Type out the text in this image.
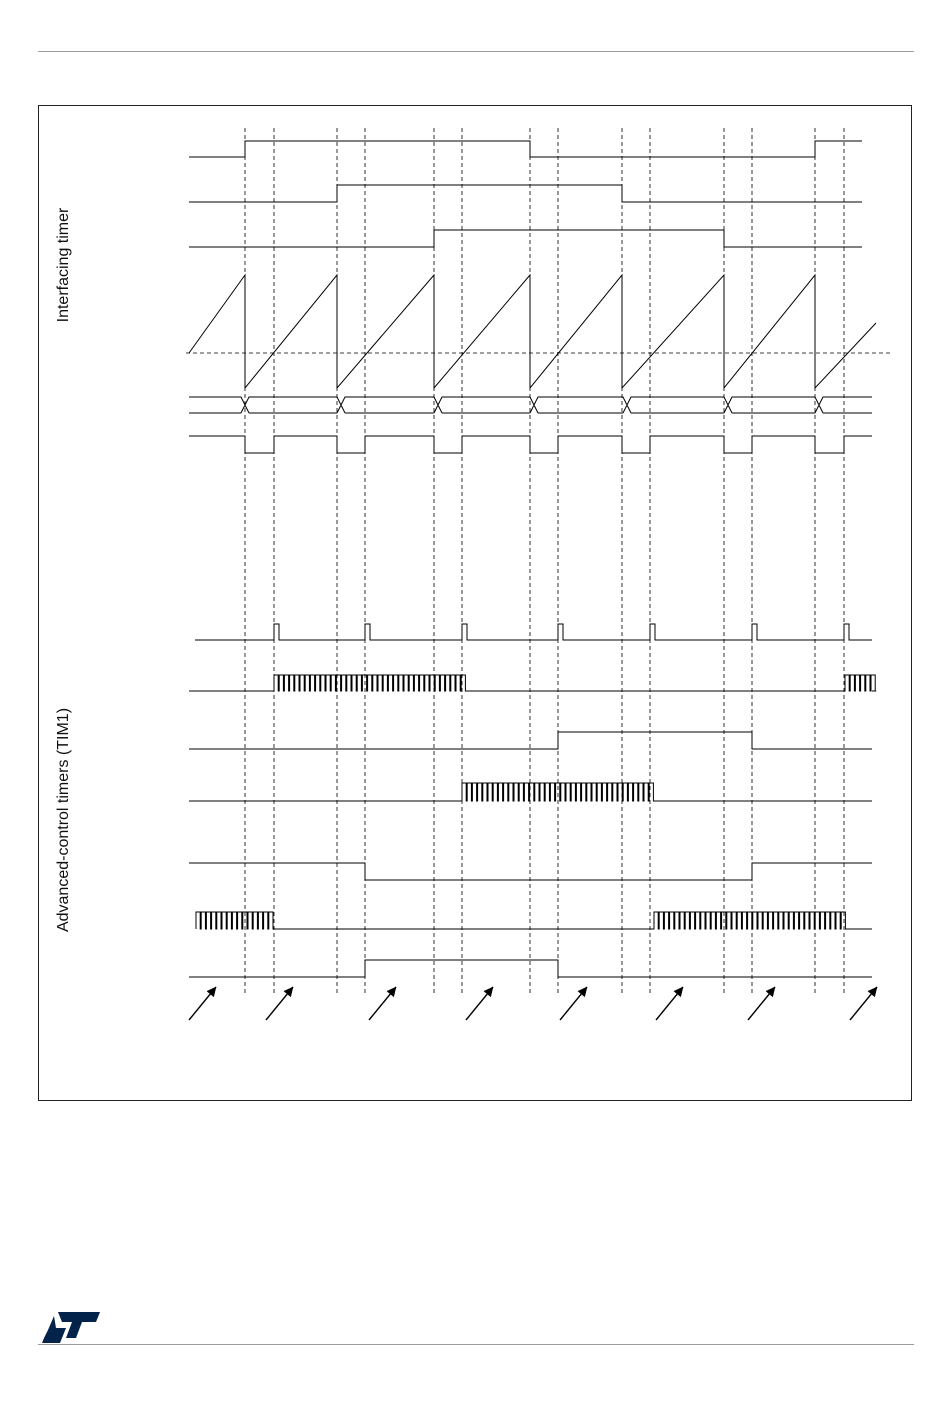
Interfacing timer
Advanced-control timers (TIM1)
